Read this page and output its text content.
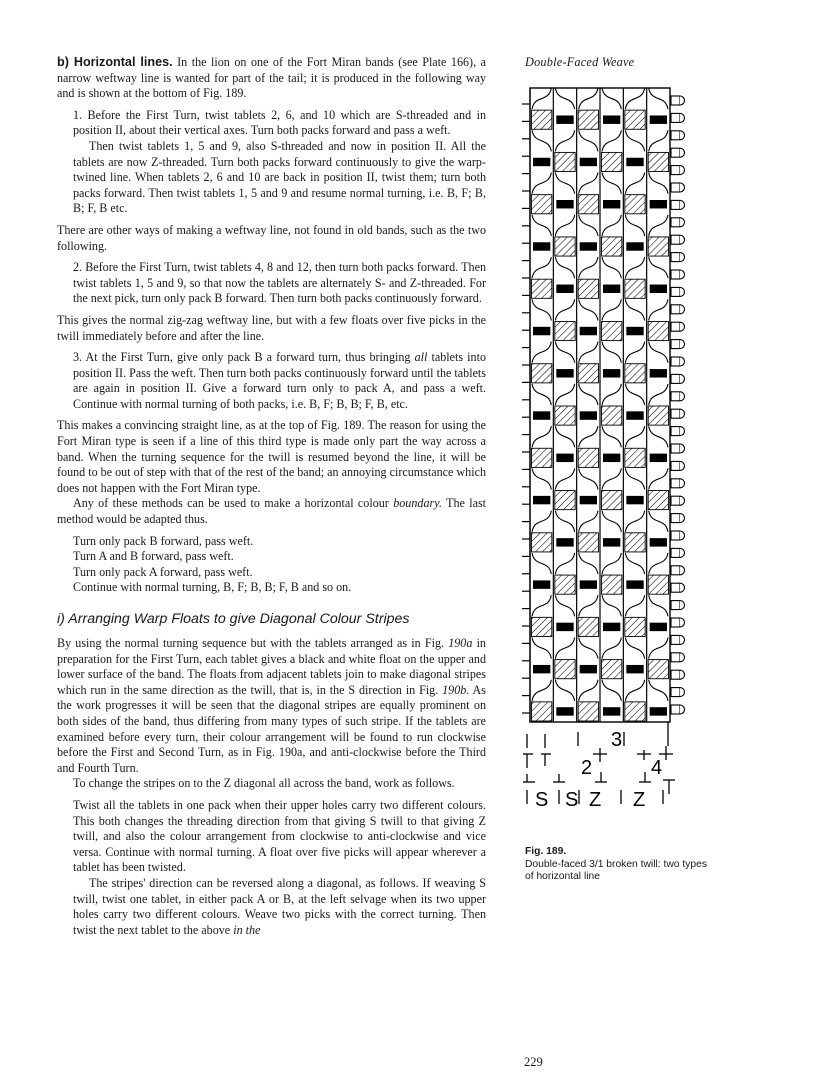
b) Horizontal lines. In the lion on one of the Fort Miran bands (see Plate 166), a narrow weftway line is wanted for part of the tail; it is produced in the following way and is shown at the bottom of Fig. 189.

1. Before the First Turn, twist tablets 2, 6, and 10 which are S-threaded and in position II, about their vertical axes. Turn both packs forward and pass a weft.

Then twist tablets 1, 5 and 9, also S-threaded and now in position II. All the tablets are now Z-threaded. Turn both packs forward continuously to give the warp-twined line. When tablets 2, 6 and 10 are back in position II, twist them; turn both packs forward. Then twist tablets 1, 5 and 9 and resume normal turning, i.e. B, F; B, B; F, B etc.

There are other ways of making a weftway line, not found in old bands, such as the two following.

2. Before the First Turn, twist tablets 4, 8 and 12, then turn both packs forward. Then twist tablets 1, 5 and 9, so that now the tablets are alternately S- and Z-threaded. For the next pick, turn only pack B forward. Then turn both packs continuously forward.

This gives the normal zig-zag weftway line, but with a few floats over five picks in the twill immediately before and after the line.

3. At the First Turn, give only pack B a forward turn, thus bringing all tablets into position II. Pass the weft. Then turn both packs continuously forward until the tablets are again in position II. Give a forward turn only to pack A, and pass a weft. Continue with normal turning of both packs, i.e. B, F; B, B; F, B, etc.

This makes a convincing straight line, as at the top of Fig. 189. The reason for using the Fort Miran type is seen if a line of this third type is made only part the way across a band. When the turning sequence for the twill is resumed beyond the line, it will be found to be out of step with that of the rest of the band; an annoying circumstance which does not happen with the Fort Miran type.

Any of these methods can be used to make a horizontal colour boundary. The last method would be adapted thus.

Turn only pack B forward, pass weft.
Turn A and B forward, pass weft.
Turn only pack A forward, pass weft.
Continue with normal turning, B, F; B, B; F, B and so on.
i) Arranging Warp Floats to give Diagonal Colour Stripes

By using the normal turning sequence but with the tablets arranged as in Fig. 190a in preparation for the First Turn, each tablet gives a black and white float on the upper and lower surface of the band. The floats from adjacent tablets join to make diagonal stripes which run in the same direction as the twill, that is, in the S direction in Fig. 190b. As the work progresses it will be seen that the diagonal stripes are equally prominent on both sides of the band, thus differing from many types of such stripe. If the tablets are examined before every turn, their colour arrangement will be found to run clockwise before the First and Second Turn, as in Fig. 190a, and anti-clockwise before the Third and Fourth Turn.

To change the stripes on to the Z diagonal all across the band, work as follows.

Twist all the tablets in one pack when their upper holes carry two different colours. This both changes the threading direction from that giving S twill to that giving Z twill, and also the colour arrangement from clockwise to anti-clockwise and vice versa. Continue with normal turning. A float over five picks will appear wherever a tablet has been twisted.

The stripes' direction can be reversed along a diagonal, as follows. If weaving S twill, twist one tablet, in either pack A or B, at the left selvage when its two upper holes carry two different colours. Weave two picks with the correct turning. Then twist the next tablet to the above in the

Double-Faced Weave
3
2	4
S S Z Z
Fig. 189.
Double-faced 3/1 broken twill: two types
of horizontal line
229
